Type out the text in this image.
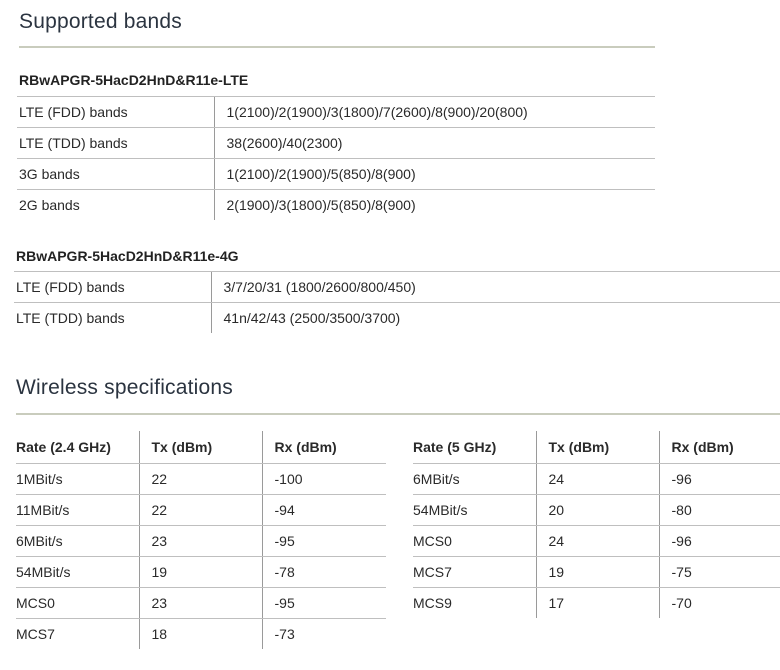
Supported bands
RBwAPGR-5HacD2HnD&R11e-LTE
LTE (FDD) bands	1(2100)/2(1900)/3(1800)/7(2600)/8(900)/20(800)
LTE (TDD) bands	38(2600)/40(2300)
3G bands	1(2100)/2(1900)/5(850)/8(900)
2G bands	2(1900)/3(1800)/5(850)/8(900)
RBwAPGR-5HacD2HnD&R11e-4G
LTE (FDD) bands	3/7/20/31 (1800/2600/800/450)
LTE (TDD) bands	41n/42/43 (2500/3500/3700)
Wireless specifications
Rate (2.4 GHz)	Tx (dBm)	Rx (dBm)
1MBit/s	22	-100
11MBit/s	22	-94
6MBit/s	23	-95
54MBit/s	19	-78
MCS0	23	-95
MCS7	18	-73
Rate (5 GHz)	Tx (dBm)	Rx (dBm)
6MBit/s	24	-96
54MBit/s	20	-80
MCS0	24	-96
MCS7	19	-75
MCS9	17	-70
